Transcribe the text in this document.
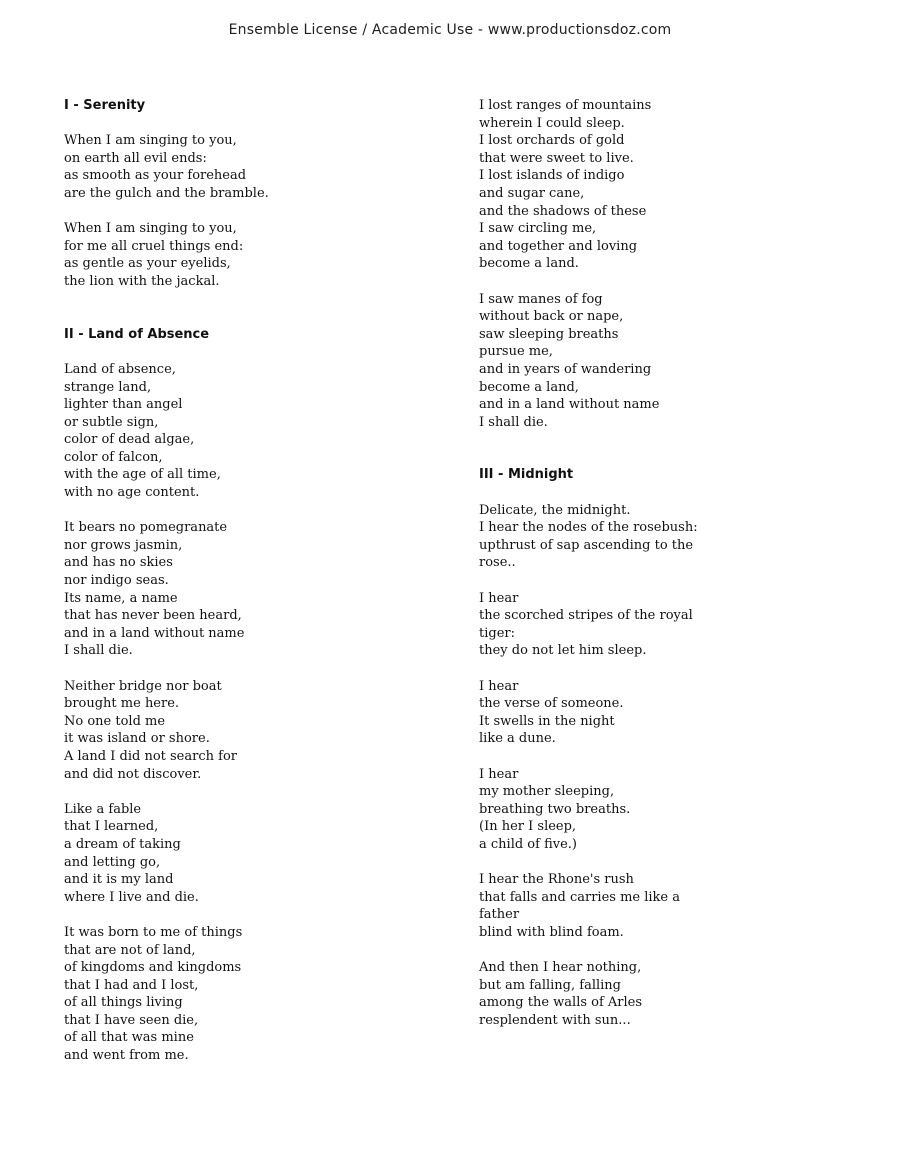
Ensemble License / Academic Use - www.productionsdoz.com
I - Serenity
When I am singing to you,
on earth all evil ends:
as smooth as your forehead
are the gulch and the bramble.
When I am singing to you,
for me all cruel things end:
as gentle as your eyelids,
the lion with the jackal.
II - Land of Absence
Land of absence,
strange land,
lighter than angel
or subtle sign,
color of dead algae,
color of falcon,
with the age of all time,
with no age content.
It bears no pomegranate
nor grows jasmin,
and has no skies
nor indigo seas.
Its name, a name
that has never been heard,
and in a land without name
I shall die.
Neither bridge nor boat
brought me here.
No one told me
it was island or shore.
A land I did not search for
and did not discover.
Like a fable
that I learned,
a dream of taking
and letting go,
and it is my land
where I live and die.
It was born to me of things
that are not of land,
of kingdoms and kingdoms
that I had and I lost,
of all things living
that I have seen die,
of all that was mine
and went from me.
I lost ranges of mountains
wherein I could sleep.
I lost orchards of gold
that were sweet to live.
I lost islands of indigo
and sugar cane,
and the shadows of these
I saw circling me,
and together and loving
become a land.
I saw manes of fog
without back or nape,
saw sleeping breaths
pursue me,
and in years of wandering
become a land,
and in a land without name
I shall die.
III - Midnight
Delicate, the midnight.
I hear the nodes of the rosebush:
upthrust of sap ascending to the
rose..
I hear
the scorched stripes of the royal
tiger:
they do not let him sleep.
I hear
the verse of someone.
It swells in the night
like a dune.
I hear
my mother sleeping,
breathing two breaths.
(In her I sleep,
a child of five.)
I hear the Rhone's rush
that falls and carries me like a
father
blind with blind foam.
And then I hear nothing,
but am falling, falling
among the walls of Arles
resplendent with sun...
